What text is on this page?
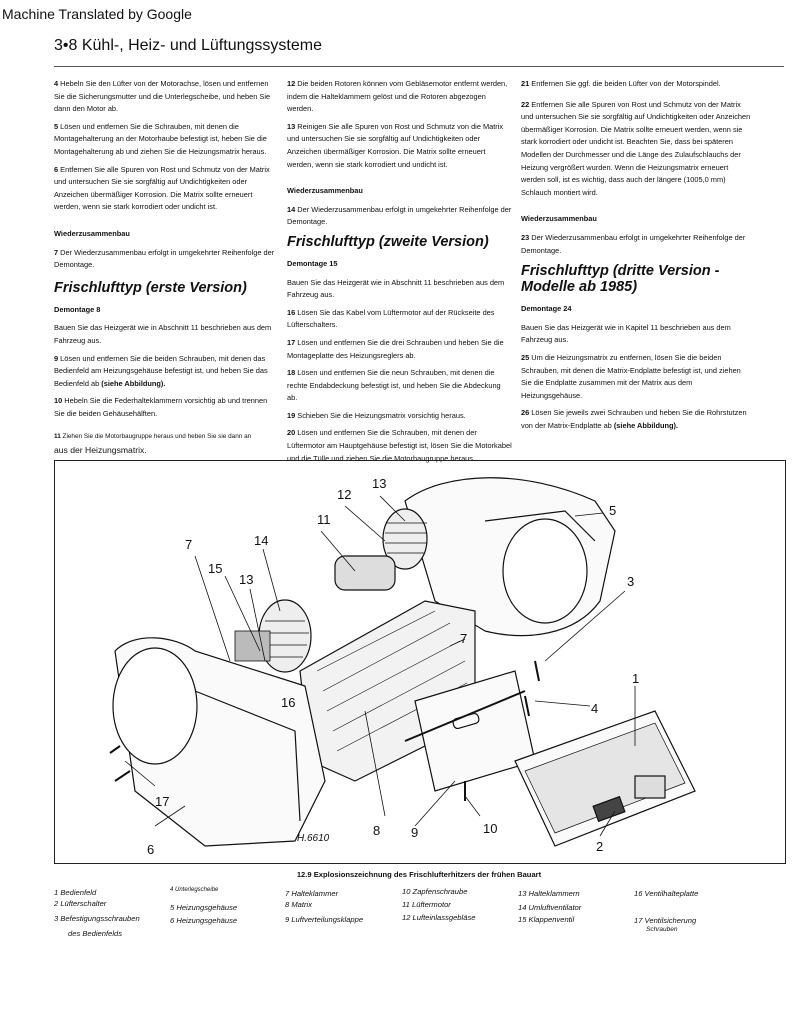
Machine Translated by Google
3•8 Kühl-, Heiz- und Lüftungssysteme

4 Hebeln Sie den Lüfter von der Motorachse, lösen und entfernen Sie die Sicherungsmutter und die Unterlegscheibe, und heben Sie dann den Motor ab.

5 Lösen und entfernen Sie die Schrauben, mit denen die Montagehalterung an der Motorhaube befestigt ist, heben Sie die Montagehalterung ab und ziehen Sie die Heizungsmatrix heraus.

6 Entfernen Sie alle Spuren von Rost und Schmutz von der Matrix und untersuchen Sie sie sorgfältig auf Undichtigkeiten oder Anzeichen übermäßiger Korrosion. Die Matrix sollte erneuert werden, wenn sie stark korrodiert oder undicht ist.

Wiederzusammenbau

7 Der Wiederzusammenbau erfolgt in umgekehrter Reihenfolge der Demontage.

Frischlufttyp (erste Version)

Demontage 8

Bauen Sie das Heizgerät wie in Abschnitt 11 beschrieben aus dem Fahrzeug aus.

9 Lösen und entfernen Sie die beiden Schrauben, mit denen das Bedienfeld am Heizungsgehäuse befestigt ist, und heben Sie das Bedienfeld ab (siehe Abbildung).

10 Hebeln Sie die Federhalteklammern vorsichtig ab und trennen Sie die beiden Gehäusehälften.

11 Ziehen Sie die Motorbaugruppe heraus und heben Sie sie dann an
aus der Heizungsmatrix.

12 Die beiden Rotoren können vom Gebläsemotor entfernt werden, indem die Halteklammern gelöst und die Rotoren abgezogen werden.

13 Reinigen Sie alle Spuren von Rost und Schmutz von die Matrix und untersuchen Sie sie sorgfältig auf Undichtigkeiten oder Anzeichen übermäßiger Korrosion. Die Matrix sollte erneuert werden, wenn sie stark korrodiert und undicht ist.

Wiederzusammenbau

14 Der Wiederzusammenbau erfolgt in umgekehrter Reihenfolge der Demontage.

Frischlufttyp (zweite Version)

Demontage 15

Bauen Sie das Heizgerät wie in Abschnitt 11 beschrieben aus dem Fahrzeug aus.

16 Lösen Sie das Kabel vom Lüftermotor auf der Rückseite des Lüfterschalters.

17 Lösen und entfernen Sie die drei Schrauben und heben Sie die Montageplatte des Heizungsreglers ab.

18 Lösen und entfernen Sie die neun Schrauben, mit denen die rechte Endabdeckung befestigt ist, und heben Sie die Abdeckung ab.

19 Schieben Sie die Heizungsmatrix vorsichtig heraus.

20 Lösen und entfernen Sie die Schrauben, mit denen der Lüftermotor am Hauptgehäuse befestigt ist, lösen Sie die Motorkabel und die Tülle und ziehen Sie die Motorbaugruppe heraus.

21 Entfernen Sie ggf. die beiden Lüfter von der Motorspindel.

22 Entfernen Sie alle Spuren von Rost und Schmutz von der Matrix und untersuchen Sie sie sorgfältig auf Undichtigkeiten oder Anzeichen übermäßiger Korrosion. Die Matrix sollte erneuert werden, wenn sie stark korrodiert oder undicht ist. Beachten Sie, dass bei späteren Modellen der Durchmesser und die Länge des Zulaufschlauchs der Heizung vergrößert wurden. Wenn die Heizungsmatrix erneuert werden soll, ist es wichtig, dass auch der längere (1005,0 mm) Schlauch montiert wird.

Wiederzusammenbau

23 Der Wiederzusammenbau erfolgt in umgekehrter Reihenfolge der Demontage.

Frischlufttyp (dritte Version - Modelle ab 1985)

Demontage 24

Bauen Sie das Heizgerät wie in Kapitel 11 beschrieben aus dem Fahrzeug aus.

25 Um die Heizungsmatrix zu entfernen, lösen Sie die beiden Schrauben, mit denen die Matrix-Endplatte befestigt ist, und ziehen Sie die Endplatte zusammen mit der Matrix aus dem Heizungsgehäuse.

26 Lösen Sie jeweils zwei Schrauben und heben Sie die Rohrstutzen von der Matrix-Endplatte ab (siehe Abbildung).

1
2
3
4
5
6
7
7
8 9	10
11
12
13
13
14
15
16
17
H.6610
12.9 Explosionszeichnung des Frischlufterhitzers der frühen Bauart
1 Bedienfeld
2 Lüfterschalter
3 Befestigungsschrauben
des Bedienfelds
4 Unterlegscheibe
5 Heizungsgehäuse
6 Heizungsgehäuse
7 Halteklammer
8 Matrix
9 Luftverteilungsklappe
10 Zapfenschraube
11 Lüftermotor
12 Lufteinlassgebläse
13 Halteklammern
14 Umluftventilator
15 Klappenventil
16 Ventilhalteplatte
17 Ventilsicherung
Schrauben
